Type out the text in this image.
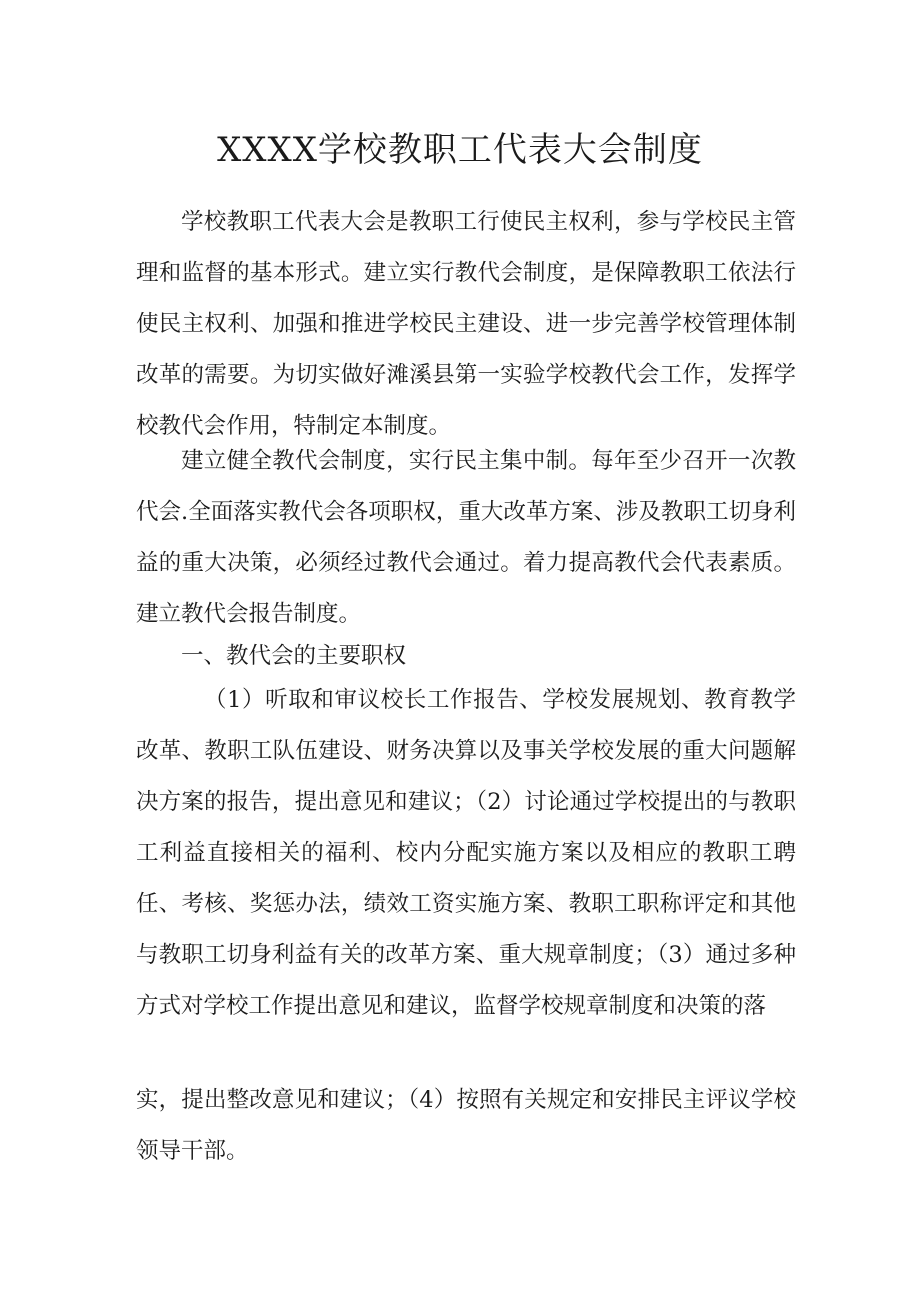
XXXX学校教职工代表大会制度

学校教职工代表大会是教职工行使民主权利，参与学校民主管理和监督的基本形式。建立实行教代会制度，是保障教职工依法行使民主权利、加强和推进学校民主建设、进一步完善学校管理体制改革的需要。为切实做好滩溪县第一实验学校教代会工作，发挥学校教代会作用，特制定本制度。

建立健全教代会制度，实行民主集中制。每年至少召开一次教代会.全面落实教代会各项职权，重大改革方案、涉及教职工切身利益的重大决策，必须经过教代会通过。着力提高教代会代表素质。建立教代会报告制度。

一、教代会的主要职权

（1）听取和审议校长工作报告、学校发展规划、教育教学改革、教职工队伍建设、财务决算以及事关学校发展的重大问题解决方案的报告，提出意见和建议；（2）讨论通过学校提出的与教职工利益直接相关的福利、校内分配实施方案以及相应的教职工聘任、考核、奖惩办法，绩效工资实施方案、教职工职称评定和其他与教职工切身利益有关的改革方案、重大规章制度；（3）通过多种方式对学校工作提出意见和建议，监督学校规章制度和决策的落

实，提出整改意见和建议；（4）按照有关规定和安排民主评议学校领导干部。
